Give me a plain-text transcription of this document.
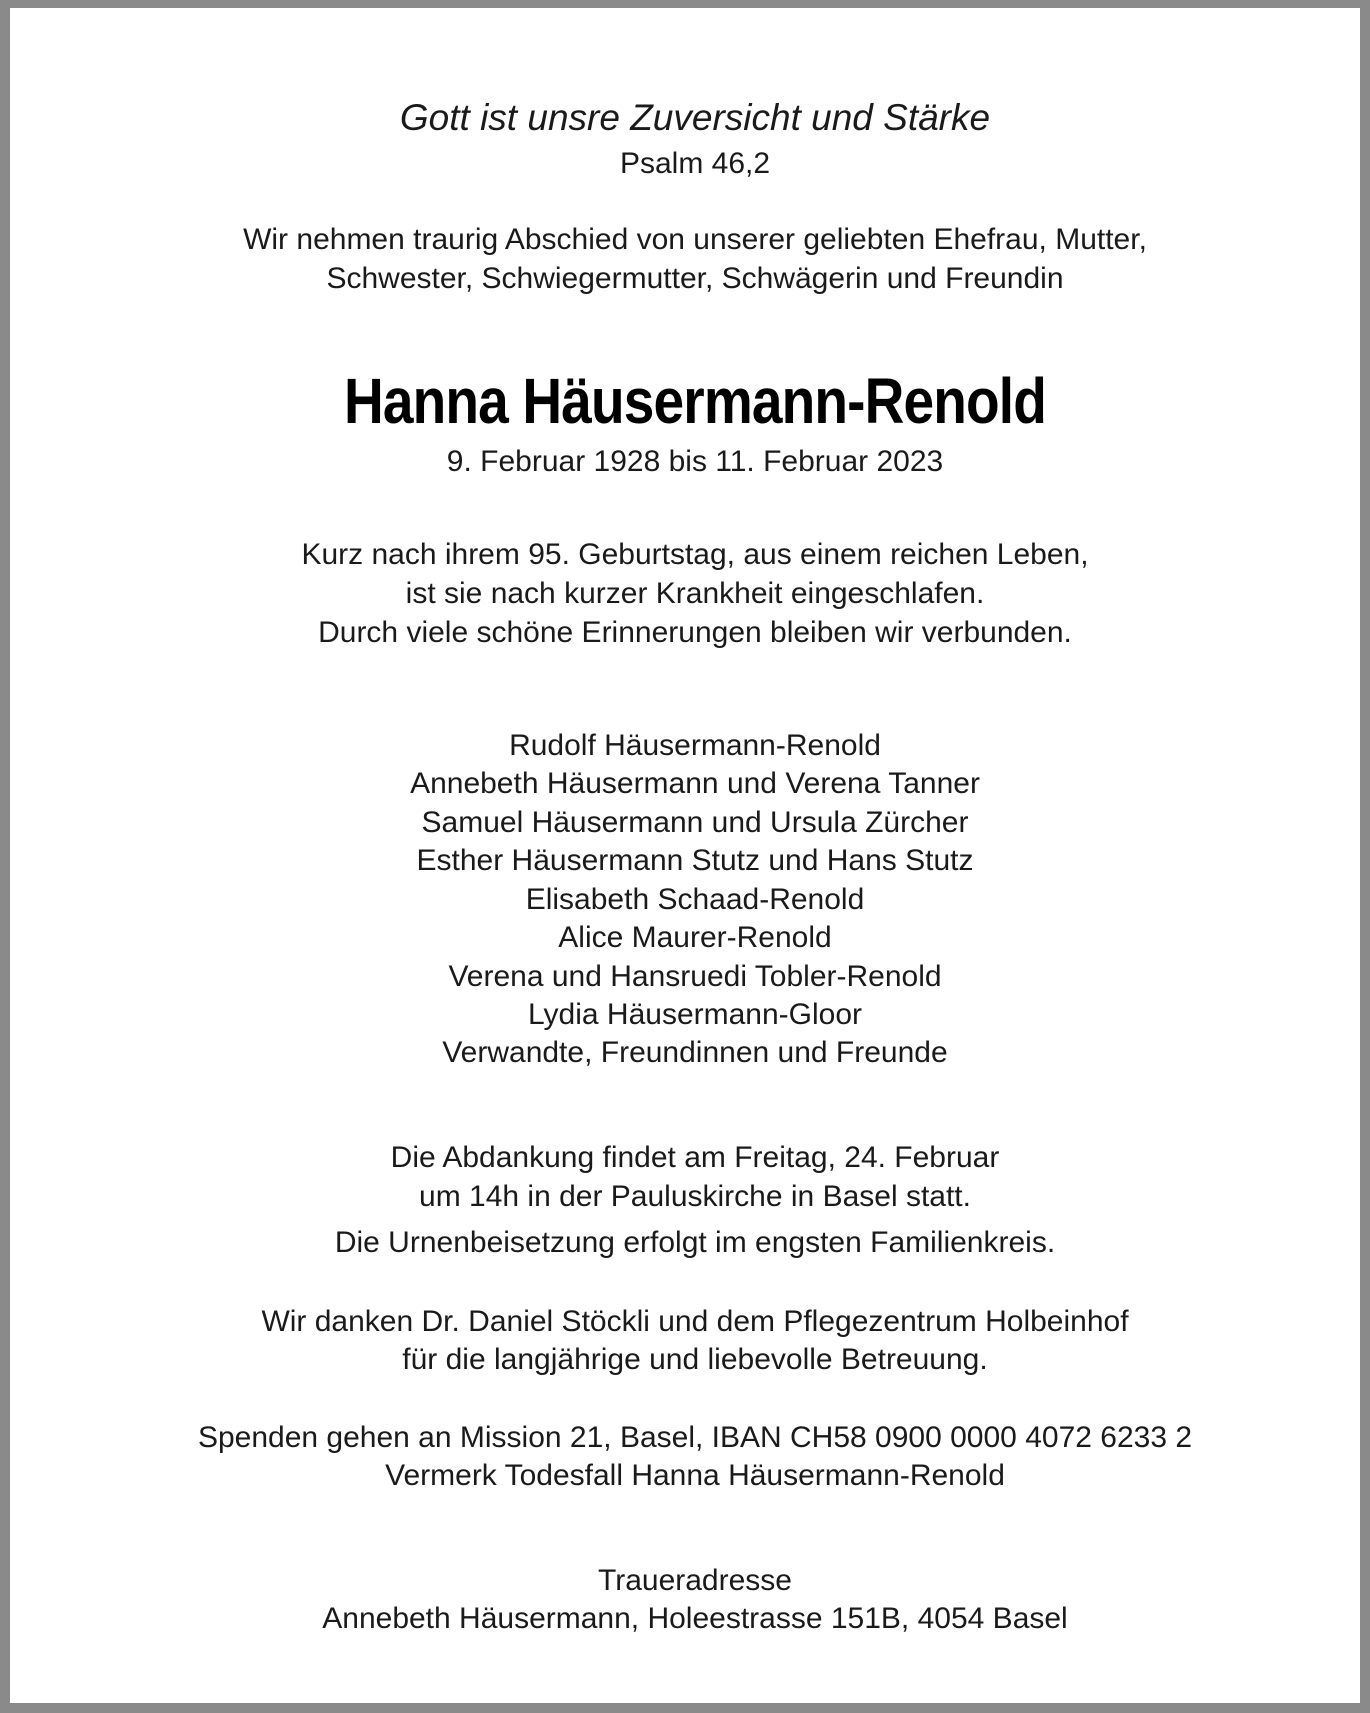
Gott ist unsre Zuversicht und Stärke
Psalm 46,2
Wir nehmen traurig Abschied von unserer geliebten Ehefrau, Mutter,
Schwester, Schwiegermutter, Schwägerin und Freundin
Hanna Häusermann-Renold
9. Februar 1928 bis 11. Februar 2023
Kurz nach ihrem 95. Geburtstag, aus einem reichen Leben,
ist sie nach kurzer Krankheit eingeschlafen.
Durch viele schöne Erinnerungen bleiben wir verbunden.
Rudolf Häusermann-Renold
Annebeth Häusermann und Verena Tanner
Samuel Häusermann und Ursula Zürcher
Esther Häusermann Stutz und Hans Stutz
Elisabeth Schaad-Renold
Alice Maurer-Renold
Verena und Hansruedi Tobler-Renold
Lydia Häusermann-Gloor
Verwandte, Freundinnen und Freunde
Die Abdankung findet am Freitag, 24. Februar
um 14h in der Pauluskirche in Basel statt.
Die Urnenbeisetzung erfolgt im engsten Familienkreis.
Wir danken Dr. Daniel Stöckli und dem Pflegezentrum Holbeinhof
für die langjährige und liebevolle Betreuung.
Spenden gehen an Mission 21, Basel, IBAN CH58 0900 0000 4072 6233 2
Vermerk Todesfall Hanna Häusermann-Renold
Traueradresse
Annebeth Häusermann, Holeestrasse 151B, 4054 Basel
